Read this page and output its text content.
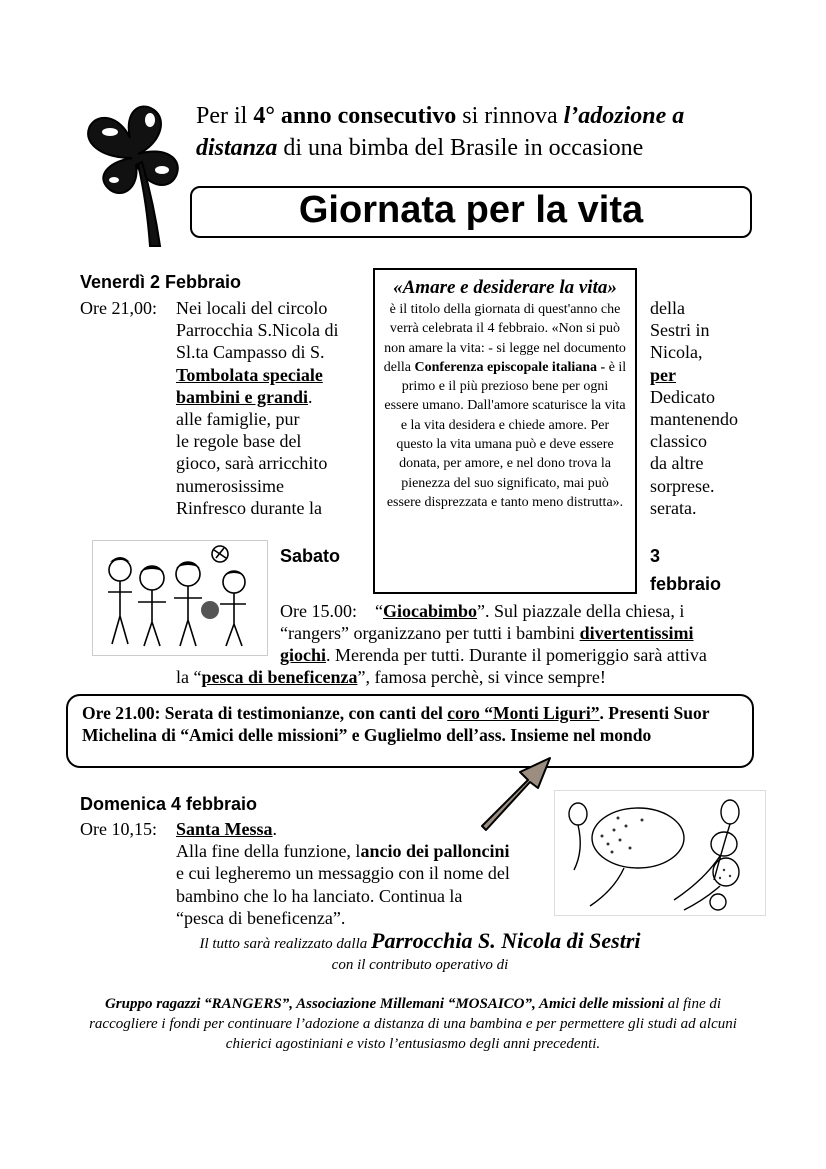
Per il 4° anno consecutivo si rinnova l’adozione a distanza di una bimba del Brasile in occasione
Giornata per la vita
Venerdì 2 Febbraio
Ore 21,00: Nei locali del circolo
Parrocchia S.Nicola di
Sl.ta Campasso di S.
Tombolata speciale
bambini e grandi.
alle famiglie, pur
le regole base del
gioco, sarà arricchito
numerosissime
Rinfresco durante la
della
Sestri in
Nicola,
per
Dedicato
mantenendo
classico
da altre
sorprese.
serata.
«Amare e desiderare la vita»
è il titolo della giornata di quest'anno che verrà celebrata il 4 febbraio. «Non si può non amare la vita: - si legge nel documento della Conferenza episcopale italiana - è il primo e il più prezioso bene per ogni essere umano. Dall'amore scaturisce la vita e la vita desidera e chiede amore. Per questo la vita umana può e deve essere donata, per amore, e nel dono trova la pienezza del suo significato, mai può essere disprezzata e tanto meno distrutta».
Sabato	3
febbraio
Ore 15.00: “Giocabimbo”. Sul piazzale della chiesa, i
“rangers” organizzano per tutti i bambini divertentissimi
giochi. Merenda per tutti. Durante il pomeriggio sarà attiva
la “pesca di beneficenza”, famosa perchè, si vince sempre!
Ore 21.00: Serata di testimonianze, con canti del coro “Monti Liguri”. Presenti Suor Michelina di “Amici delle missioni” e Guglielmo dell’ass. Insieme nel mondo
Domenica 4 febbraio
Ore 10,15: Santa Messa.
Alla fine della funzione, lancio dei palloncini
e cui legheremo un messaggio con il nome del
bambino che lo ha lanciato. Continua la
“pesca di beneficenza”.
Il tutto sarà realizzato dalla Parrocchia S. Nicola di Sestri
con il contributo operativo di
Gruppo ragazzi “RANGERS”, Associazione Millemani “MOSAICO”, Amici delle missioni al fine di raccogliere i fondi per continuare l’adozione a distanza di una bambina e per permettere gli studi ad alcuni chierici agostiniani e visto l’entusiasmo degli anni precedenti.
